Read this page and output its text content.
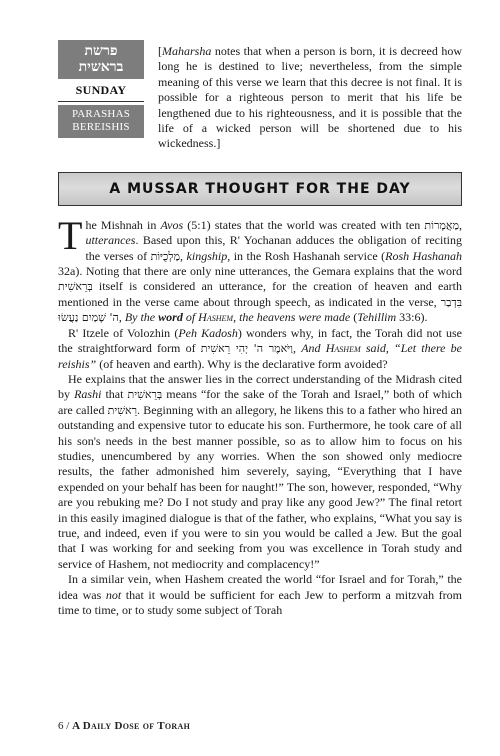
פרשת
בראשית
SUNDAY
PARASHAS
BEREISHIS
[Maharsha notes that when a person is born, it is decreed how long he is destined to live; nevertheless, from the simple meaning of this verse we learn that this decree is not final. It is possible for a righteous person to merit that his life be lengthened due to his righteousness, and it is possible that the life of a wicked person will be shortened due to his wickedness.]
A MUSSAR THOUGHT FOR THE DAY

The Mishnah in Avos (5:1) states that the world was created with ten מַאֲמָרוֹת, utterances. Based upon this, R' Yochanan adduces the obligation of reciting the verses of מַלְכֻיּוֹת, kingship, in the Rosh Hashanah service (Rosh Hashanah 32a). Noting that there are only nine utterances, the Gemara explains that the word בְּרֵאשִׁית itself is considered an utterance, for the creation of heaven and earth mentioned in the verse came about through speech, as indicated in the verse, בִּדְבַר ה' שָׁמַיִם נַעֲשׂוּ, By the word of Hashem, the heavens were made (Tehillim 33:6).

R' Itzele of Volozhin (Peh Kadosh) wonders why, in fact, the Torah did not use the straightforward form of וַיֹּאמֶר ה' יְהִי רֵאשִׁית, And Hashem said, “Let there be reishis” (of heaven and earth). Why is the declarative form avoided?

He explains that the answer lies in the correct understanding of the Midrash cited by Rashi that בְּרֵאשִׁית means “for the sake of the Torah and Israel,” both of which are called רֵאשִׁית. Beginning with an allegory, he likens this to a father who hired an outstanding and expensive tutor to educate his son. Furthermore, he took care of all his son's needs in the best manner possible, so as to allow him to focus on his studies, unencumbered by any worries. When the son showed only mediocre results, the father admonished him severely, saying, “Everything that I have expended on your behalf has been for naught!” The son, however, responded, “Why are you rebuking me? Do I not study and pray like any good Jew?” The final retort in this easily imagined dialogue is that of the father, who explains, “What you say is true, and indeed, even if you were to sin you would be called a Jew. But the goal that I was working for and seeking from you was excellence in Torah study and service of Hashem, not mediocrity and complacency!”

In a similar vein, when Hashem created the world “for Israel and for Torah,” the idea was not that it would be sufficient for each Jew to perform a mitzvah from time to time, or to study some subject of Torah

6 / A Daily Dose of Torah
